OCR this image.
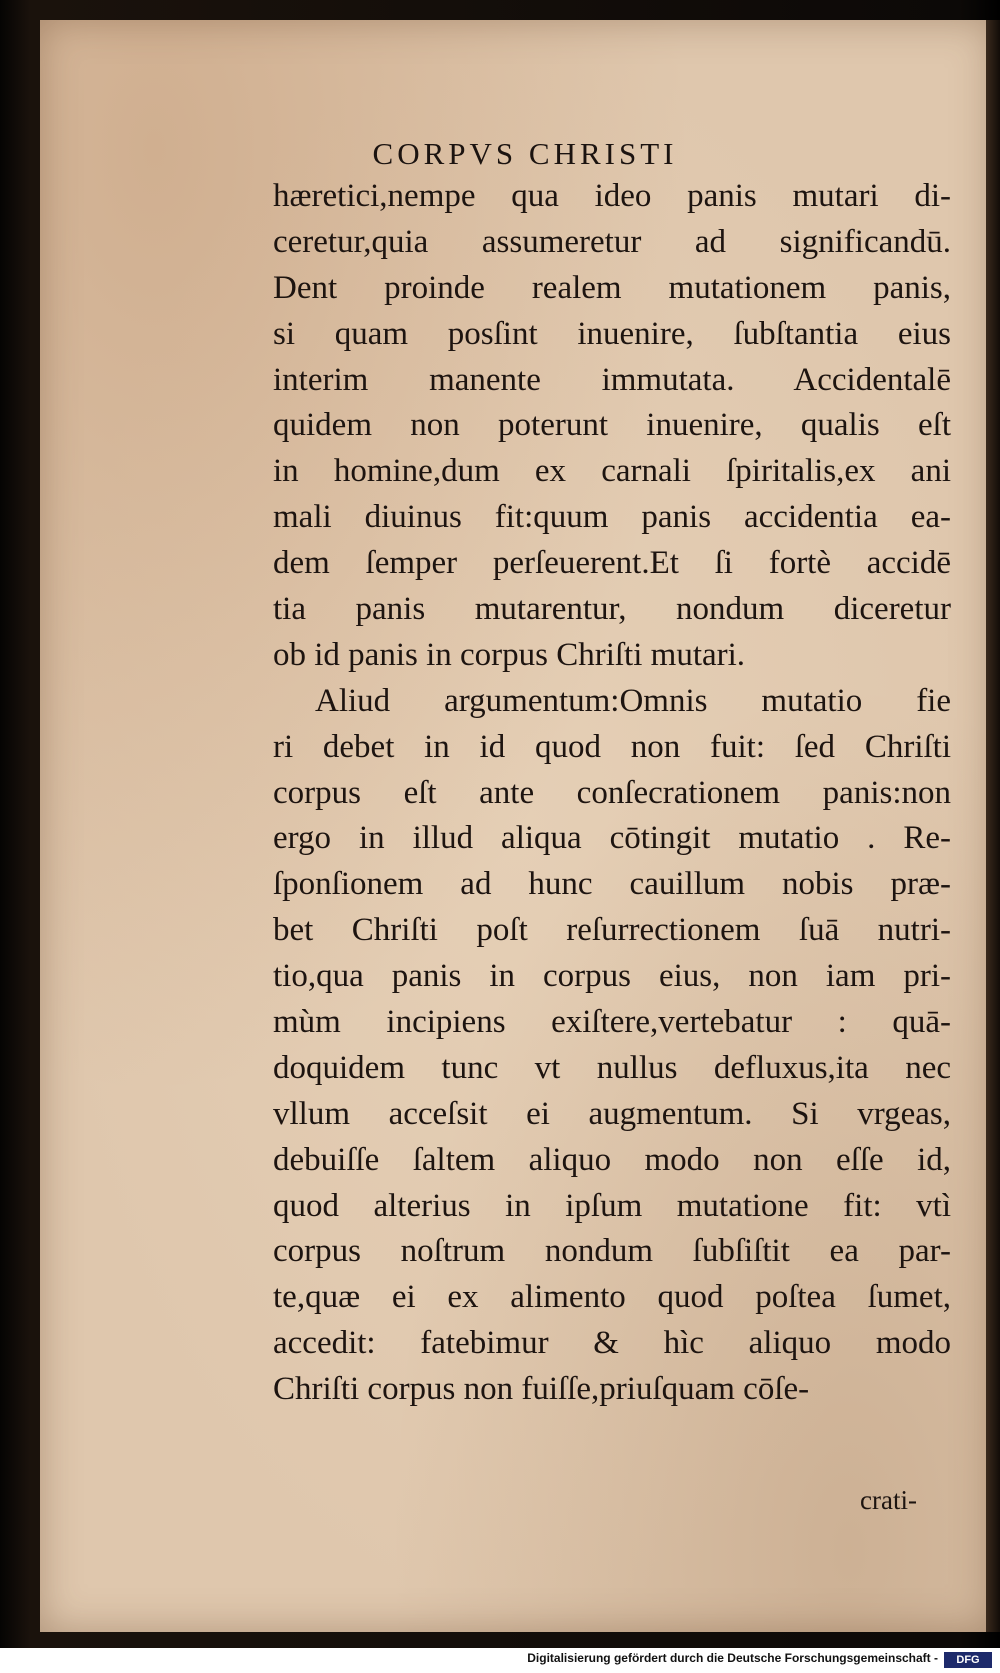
CORPVS CHRISTI
hæretici,nempe qua ideo panis mutari di-
ceretur,quia assumeretur ad significandū.
Dent proinde realem mutationem panis,
si quam posſint inuenire, ſubſtantia eius
interim manente immutata. Accidentalē
quidem non poterunt inuenire, qualis eſt
in homine,dum ex carnali ſpiritalis,ex ani
mali diuinus fit:quum panis accidentia ea-
dem ſemper perſeuerent.Et ſi fortè accidē
tia panis mutarentur, nondum diceretur
ob id panis in corpus Chriſti mutari.
Aliud argumentum:Omnis mutatio fie
ri debet in id quod non fuit: ſed Chriſti
corpus eſt ante conſecrationem panis:non
ergo in illud aliqua cōtingit mutatio . Re-
ſponſionem ad hunc cauillum nobis præ-
bet Chriſti poſt reſurrectionem ſuā nutri-
tio,qua panis in corpus eius, non iam pri-
mùm incipiens exiſtere,vertebatur : quā-
doquidem tunc vt nullus defluxus,ita nec
vllum acceſsit ei augmentum. Si vrgeas,
debuiſſe ſaltem aliquo modo non eſſe id,
quod alterius in ipſum mutatione fit: vtì
corpus noſtrum nondum ſubſiſtit ea par-
te,quæ ei ex alimento quod poſtea ſumet,
accedit: fatebimur & hìc aliquo modo
Chriſti corpus non fuiſſe,priuſquam cōſe-
crati-
Digitalisierung gefördert durch die Deutsche Forschungsgemeinschaft -	DFG
